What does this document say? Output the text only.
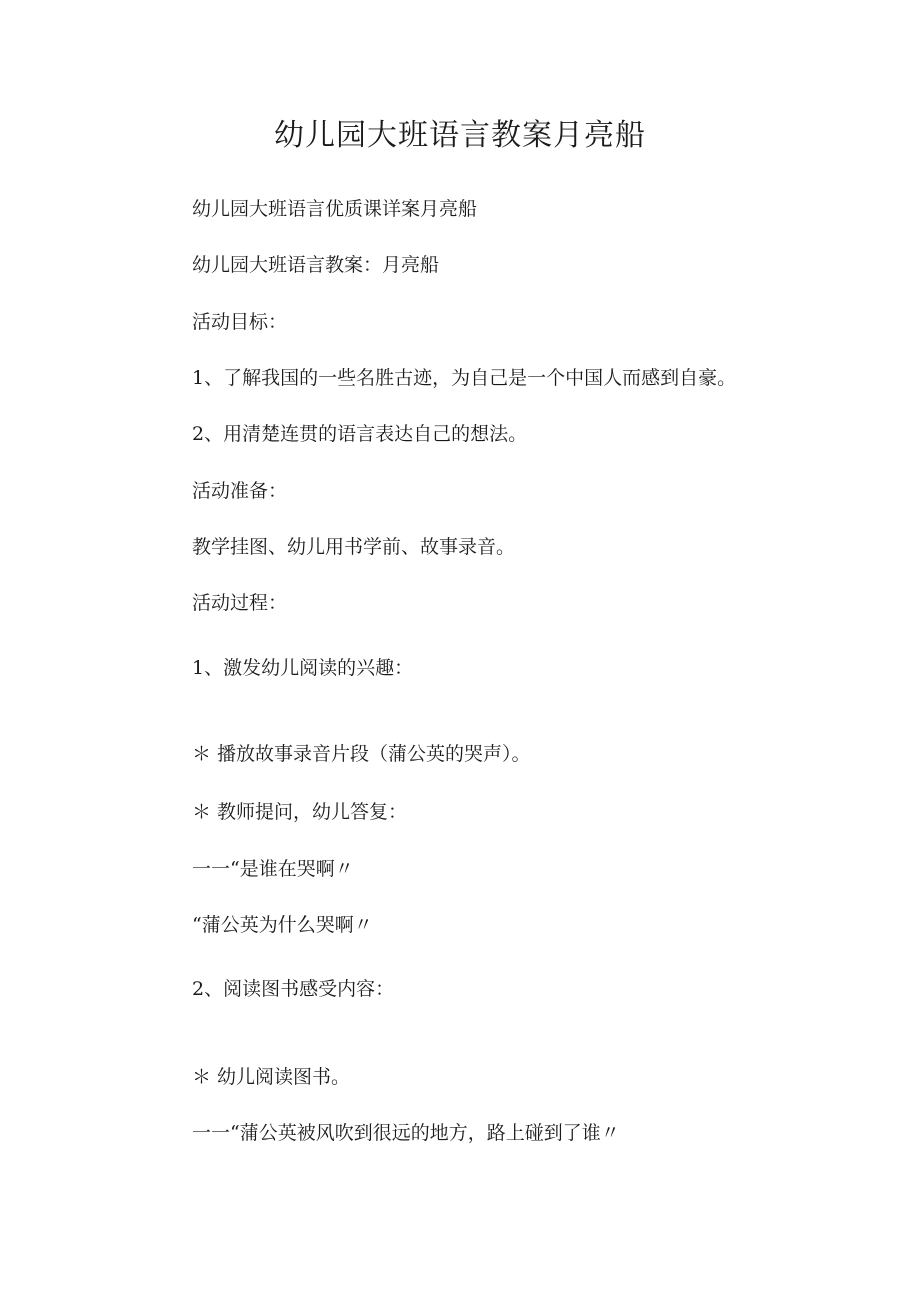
幼儿园大班语言教案月亮船

幼儿园大班语言优质课详案月亮船

幼儿园大班语言教案：月亮船

活动目标：

1、了解我国的一些名胜古迹，为自己是一个中国人而感到自豪。

2、用清楚连贯的语言表达自己的想法。

活动准备：

教学挂图、幼儿用书学前、故事录音。

活动过程：

1、激发幼儿阅读的兴趣：

＊ 播放故事录音片段（蒲公英的哭声）。

＊ 教师提问，幼儿答复：

一一“是谁在哭啊〃

“蒲公英为什么哭啊〃

2、阅读图书感受内容：

＊ 幼儿阅读图书。

一一“蒲公英被风吹到很远的地方，路上碰到了谁〃
